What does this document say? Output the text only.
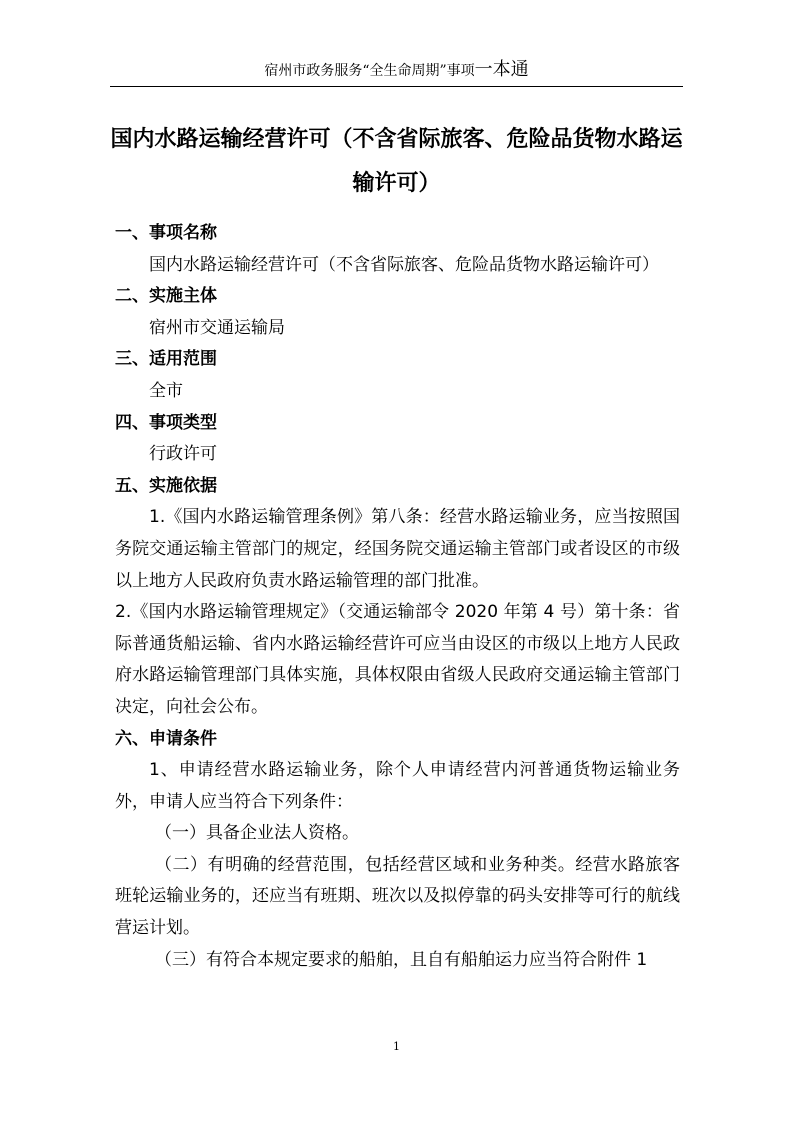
宿州市政务服务“全生命周期”事项一本通
国内水路运输经营许可（不含省际旅客、危险品货物水路运输许可）

一、事项名称

国内水路运输经营许可（不含省际旅客、危险品货物水路运输许可）

二、实施主体

宿州市交通运输局

三、适用范围

全市

四、事项类型

行政许可

五、实施依据

1.《国内水路运输管理条例》第八条：经营水路运输业务，应当按照国务院交通运输主管部门的规定，经国务院交通运输主管部门或者设区的市级以上地方人民政府负责水路运输管理的部门批准。

2.《国内水路运输管理规定》（交通运输部令 2020 年第 4 号）第十条：省际普通货船运输、省内水路运输经营许可应当由设区的市级以上地方人民政府水路运输管理部门具体实施，具体权限由省级人民政府交通运输主管部门决定，向社会公布。

六、申请条件

1、申请经营水路运输业务，除个人申请经营内河普通货物运输业务外，申请人应当符合下列条件：

（一）具备企业法人资格。

（二）有明确的经营范围，包括经营区域和业务种类。经营水路旅客班轮运输业务的，还应当有班期、班次以及拟停靠的码头安排等可行的航线营运计划。

（三）有符合本规定要求的船舶，且自有船舶运力应当符合附件 1

1
